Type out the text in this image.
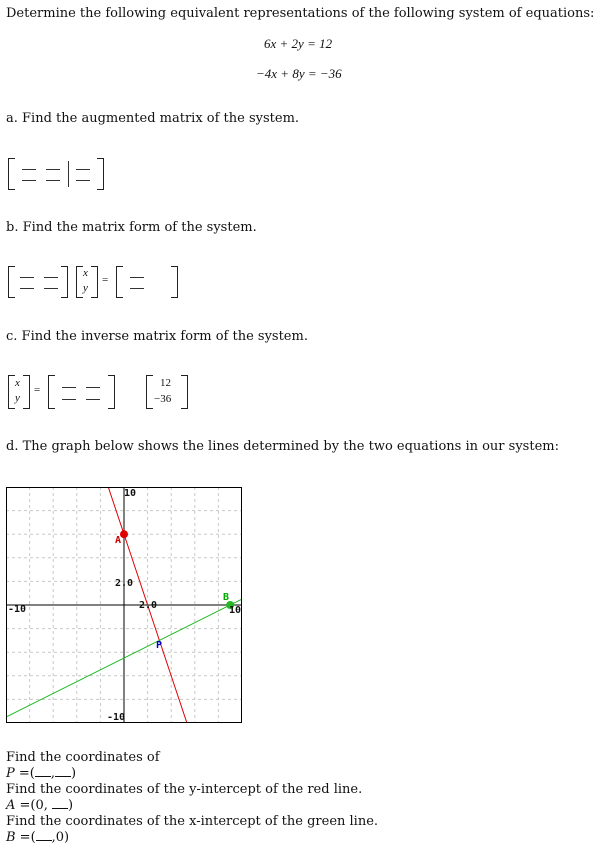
Determine the following equivalent representations of the following system of equations:
6x + 2y = 12
−4x + 8y = −36
a. Find the augmented matrix of the system.
b. Find the matrix form of the system.
x
y
=
c. Find the inverse matrix form of the system.
x
y
=
12
−36
d. The graph below shows the lines determined by the two equations in our system:
10
2.0
2.0
-10	10
-10
A
B
P
Find the coordinates of
P =( , )
Find the coordinates of the y-intercept of the red line.
A =(0, )
Find the coordinates of the x-intercept of the green line.
B =( ,0)
